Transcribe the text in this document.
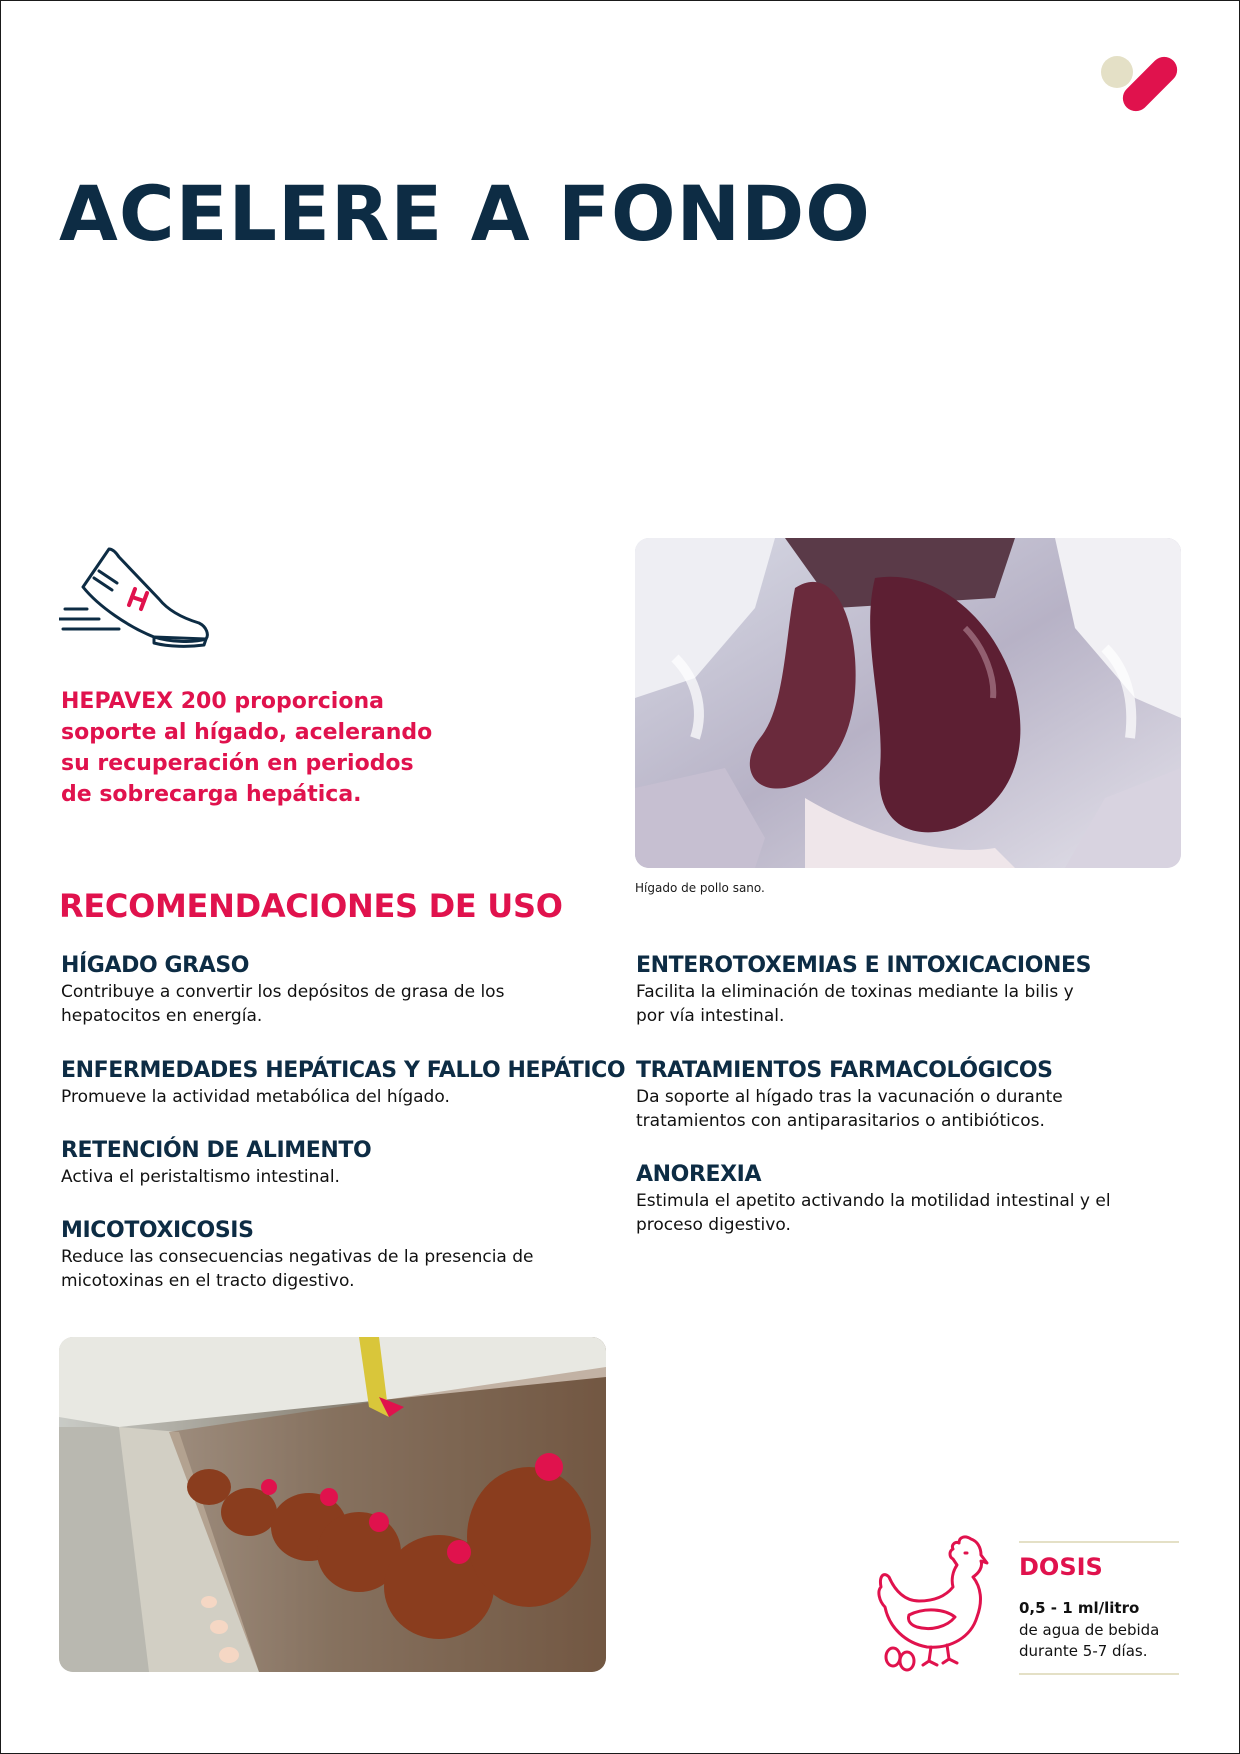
ACELERE A FONDO

HEPAVEX 200 proporciona soporte al hígado, acelerando su recuperación en periodos de sobrecarga hepática.

Hígado de pollo sano.

RECOMENDACIONES DE USO
HÍGADO GRASO

Contribuye a convertir los depósitos de grasa de los hepatocitos en energía.

ENFERMEDADES HEPÁTICAS Y FALLO HEPÁTICO

Promueve la actividad metabólica del hígado.

RETENCIÓN DE ALIMENTO

Activa el peristaltismo intestinal.

MICOTOXICOSIS

Reduce las consecuencias negativas de la presencia de micotoxinas en el tracto digestivo.

ENTEROTOXEMIAS E INTOXICACIONES

Facilita la eliminación de toxinas mediante la bilis y por vía intestinal.

TRATAMIENTOS FARMACOLÓGICOS

Da soporte al hígado tras la vacunación o durante tratamientos con antiparasitarios o antibióticos.

ANOREXIA

Estimula el apetito activando la motilidad intestinal y el proceso digestivo.

DOSIS

0,5 - 1 ml/litro

de agua de bebida

durante 5-7 días.
